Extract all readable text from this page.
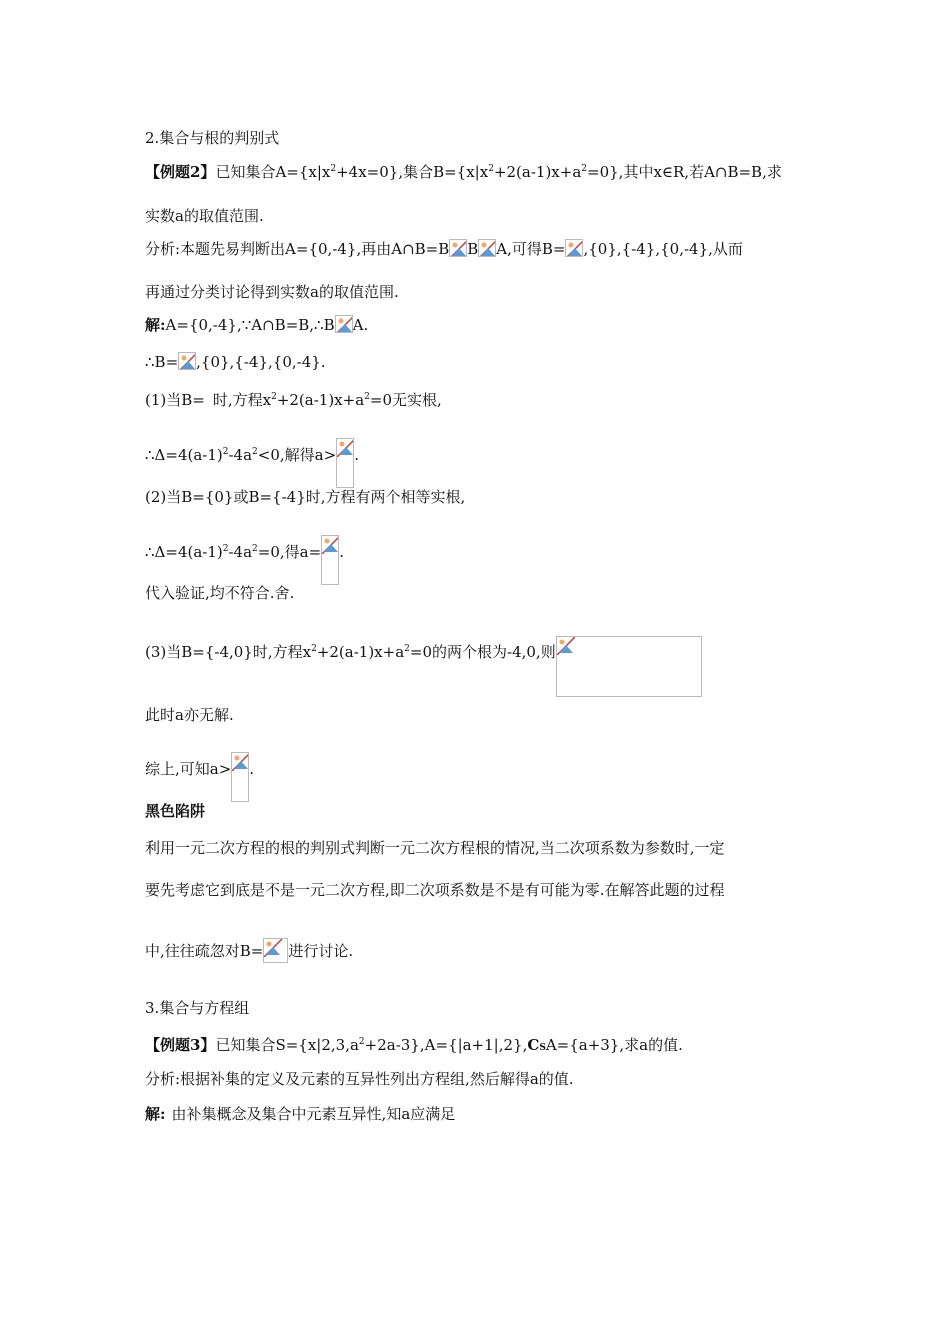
2.集合与根的判别式
【例题2】已知集合$A=\{x|x^2+4x=0\}$,集合$B=\{x|x^2+2(a-1)x+a^2=0\}$,其中x∈R,若A∩B=B,求
实数a的取值范围.
分析:本题先易判断出A={0,-4},再由A∩B=B B A,可得B= ,{0},{-4},{0,-4},从而
再通过分类讨论得到实数a的取值范围.
解:A={0,-4},∵A∩B=B,∴B A.
∴B= ,{0},{-4},{0,-4}.
(1)当B= 时,方程$x^2+2(a-1)x+a^2=0$无实根,
$\therefore\Delta=4(a-1)^2-4a^2<0$,解得a> .
(2)当B={0}或B={-4}时,方程有两个相等实根,
$\therefore\Delta=4(a-1)^2-4a^2=0$,得a= .
代入验证,均不符合.舍.
(3)当B={-4,0}时,方程$x^2+2(a-1)x+a^2=0$的两个根为-4,0,则
此时a亦无解.
综上,可知a> .
黑色陷阱
利用一元二次方程的根的判别式判断一元二次方程根的情况,当二次项系数为参数时,一定
要先考虑它到底是不是一元二次方程,即二次项系数是不是有可能为零.在解答此题的过程
中,往往疏忽对B= 进行讨论.
3.集合与方程组
【例题3】已知集合$S=\{x|2,3,a^2+2a-3\},A=\{|a+1|,2\},CSA=\{a+3\}$,求a的值.
分析:根据补集的定义及元素的互异性列出方程组,然后解得a的值.
解: 由补集概念及集合中元素互异性,知a应满足
